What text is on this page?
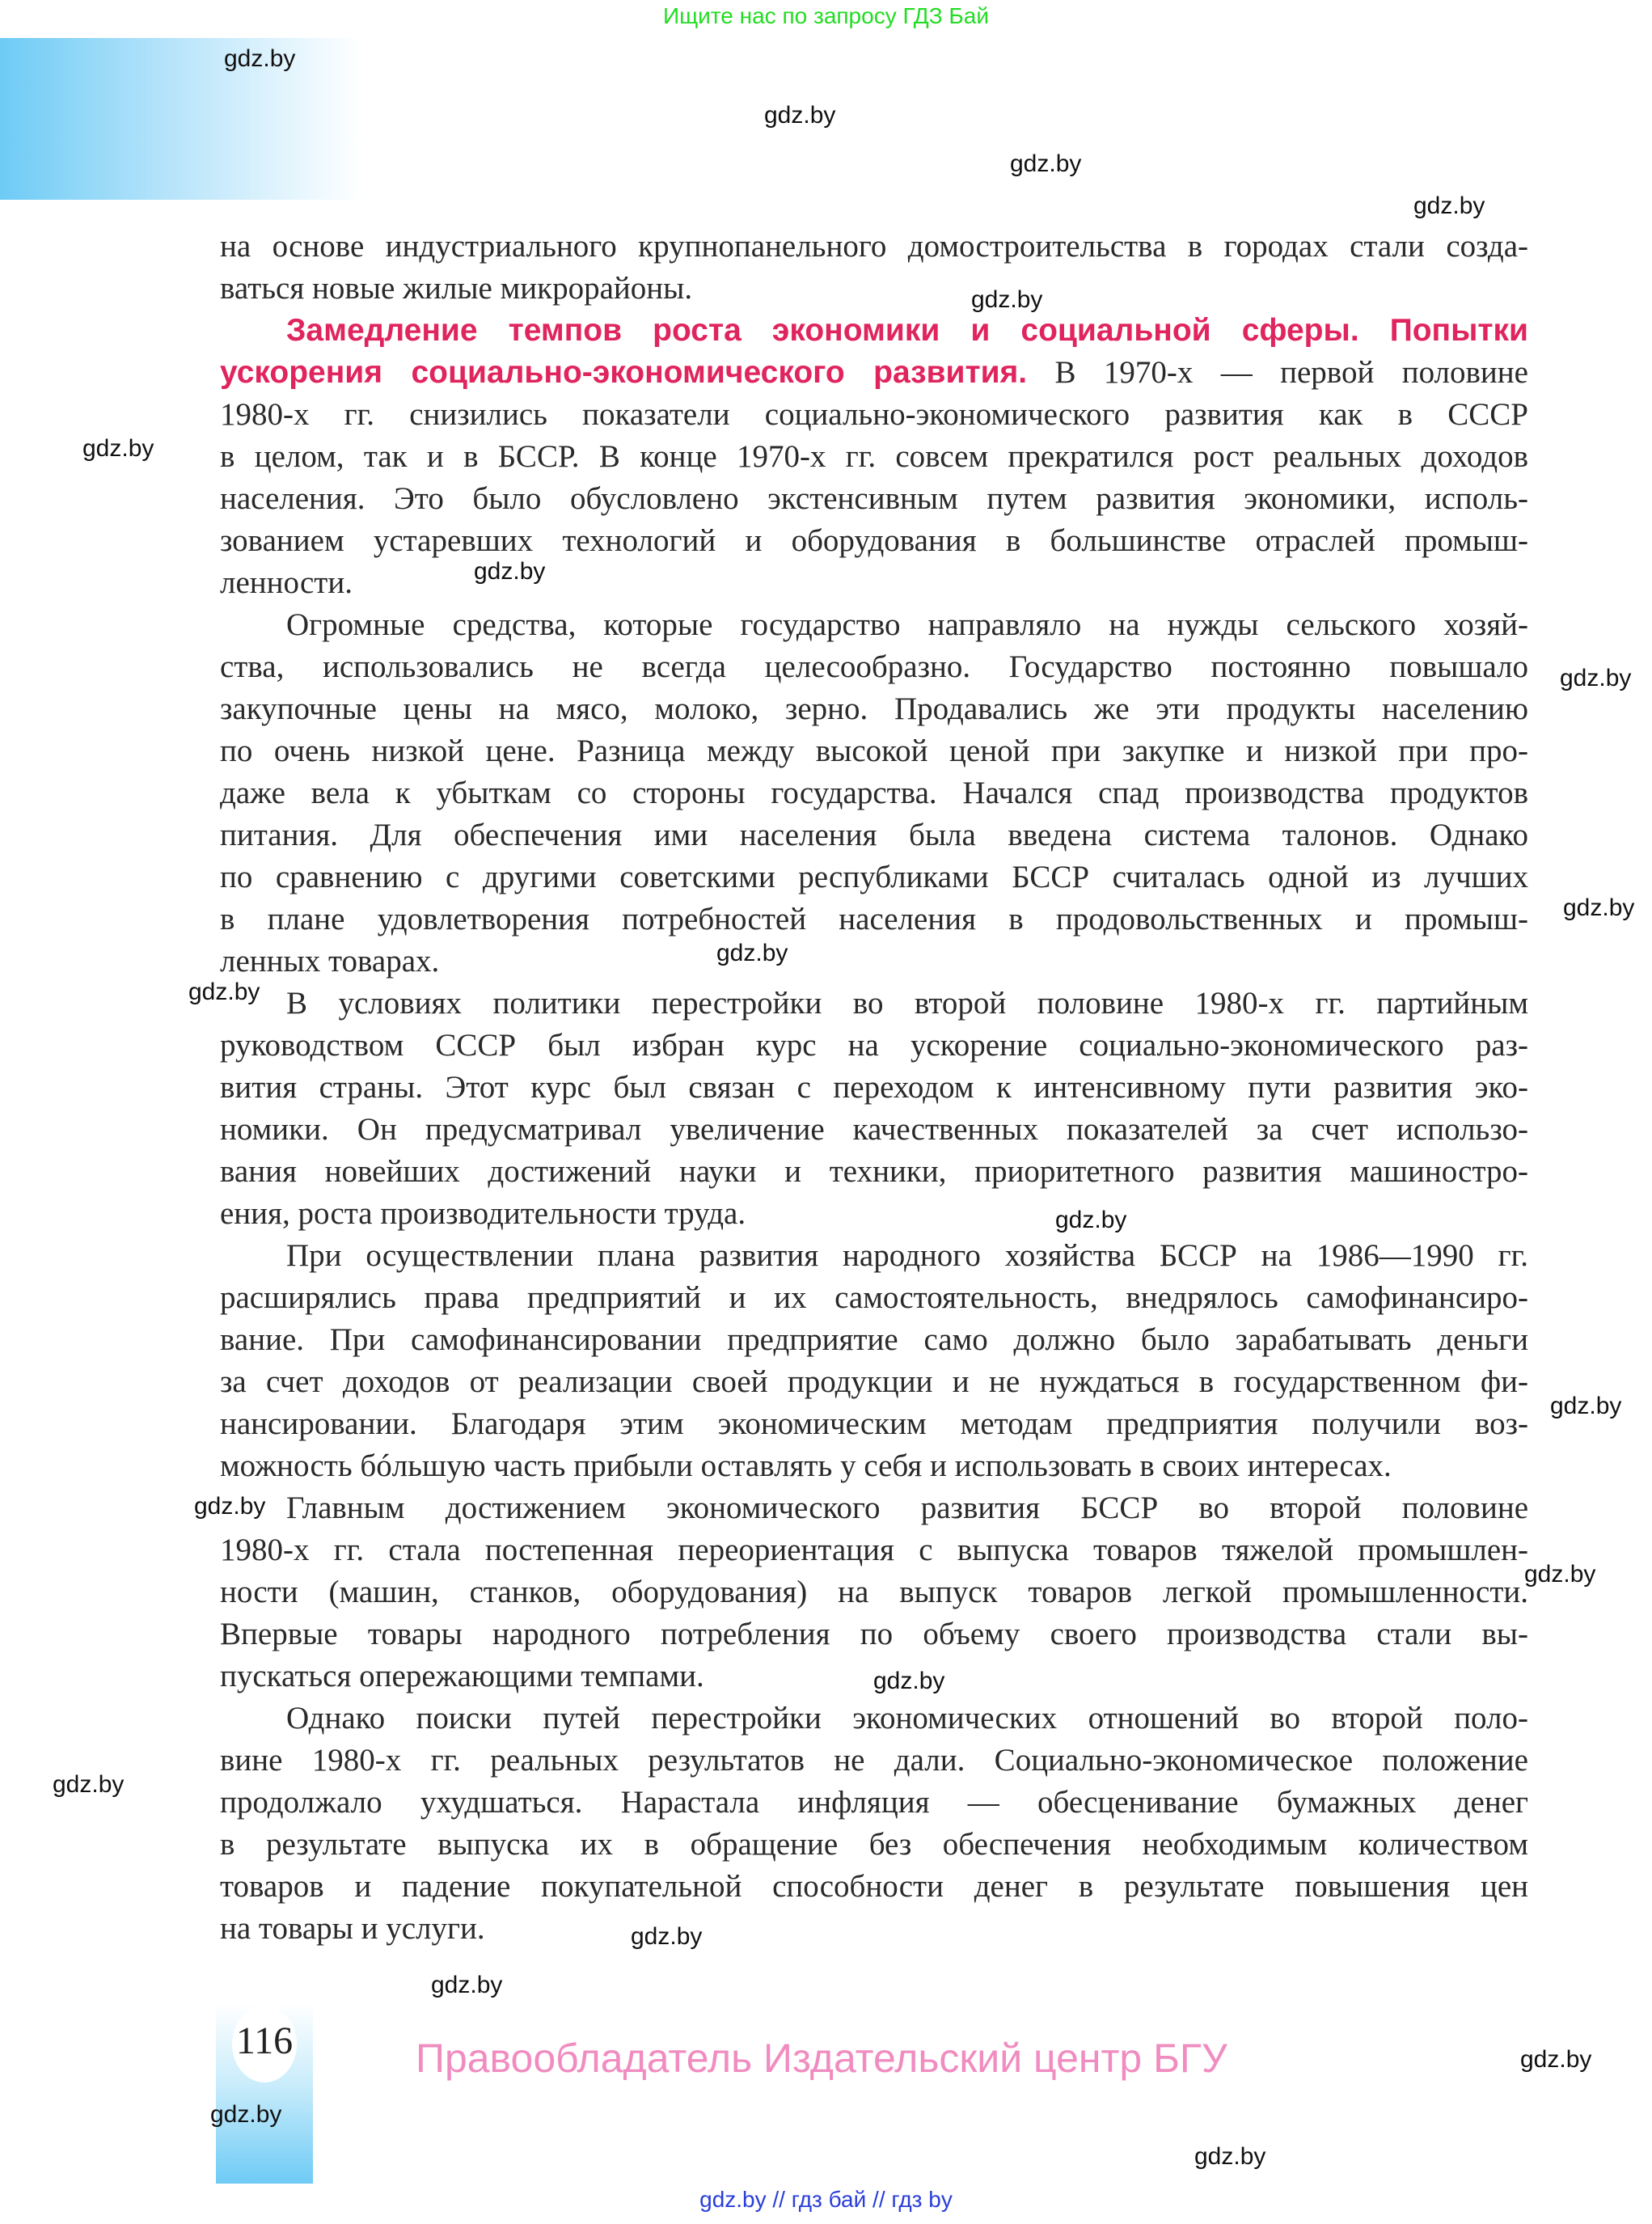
Ищите нас по запросу ГДЗ Бай
на основе индустриального крупнопанельного домостроительства в городах стали созда-
ваться новые жилые микрорайоны.
Замедление темпов роста экономики и социальной сферы. Попытки
ускорения социально-экономического развития. В 1970-х — первой половине
1980-х гг. снизились показатели социально-экономического развития как в СССР
в целом, так и в БССР. В конце 1970-х гг. совсем прекратился рост реальных доходов
населения. Это было обусловлено экстенсивным путем развития экономики, исполь-
зованием устаревших технологий и оборудования в большинстве отраслей промыш-
ленности.
Огромные средства, которые государство направляло на нужды сельского хозяй-
ства, использовались не всегда целесообразно. Государство постоянно повышало
закупочные цены на мясо, молоко, зерно. Продавались же эти продукты населению
по очень низкой цене. Разница между высокой ценой при закупке и низкой при про-
даже вела к убыткам со стороны государства. Начался спад производства продуктов
питания. Для обеспечения ими населения была введена система талонов. Однако
по сравнению с другими советскими республиками БССР считалась одной из лучших
в плане удовлетворения потребностей населения в продовольственных и промыш-
ленных товарах.
В условиях политики перестройки во второй половине 1980-х гг. партийным
руководством СССР был избран курс на ускорение социально-экономического раз-
вития страны. Этот курс был связан с переходом к интенсивному пути развития эко-
номики. Он предусматривал увеличение качественных показателей за счет использо-
вания новейших достижений науки и техники, приоритетного развития машиностро-
ения, роста производительности труда.
При осуществлении плана развития народного хозяйства БССР на 1986—1990 гг.
расширялись права предприятий и их самостоятельность, внедрялось самофинансиро-
вание. При самофинансировании предприятие само должно было зарабатывать деньги
за счет доходов от реализации своей продукции и не нуждаться в государственном фи-
нансировании. Благодаря этим экономическим методам предприятия получили воз-
можность бóльшую часть прибыли оставлять у себя и использовать в своих интересах.
Главным достижением экономического развития БССР во второй половине
1980-х гг. стала постепенная переориентация с выпуска товаров тяжелой промышлен-
ности (машин, станков, оборудования) на выпуск товаров легкой промышленности.
Впервые товары народного потребления по объему своего производства стали вы-
пускаться опережающими темпами.
Однако поиски путей перестройки экономических отношений во второй поло-
вине 1980-х гг. реальных результатов не дали. Социально-экономическое положение
продолжало ухудшаться. Нарастала инфляция — обесценивание бумажных денег
в результате выпуска их в обращение без обеспечения необходимым количеством
товаров и падение покупательной способности денег в результате повышения цен
на товары и услуги.
gdz.by
gdz.by
gdz.by
gdz.by
gdz.by
gdz.by
gdz.by
gdz.by
gdz.by
gdz.by
gdz.by
gdz.by
gdz.by
gdz.by
gdz.by
gdz.by
gdz.by
gdz.by
gdz.by
gdz.by
gdz.by
gdz.by
116	Правообладатель Издательский центр БГУ
gdz.by // гдз бай // гдз by
